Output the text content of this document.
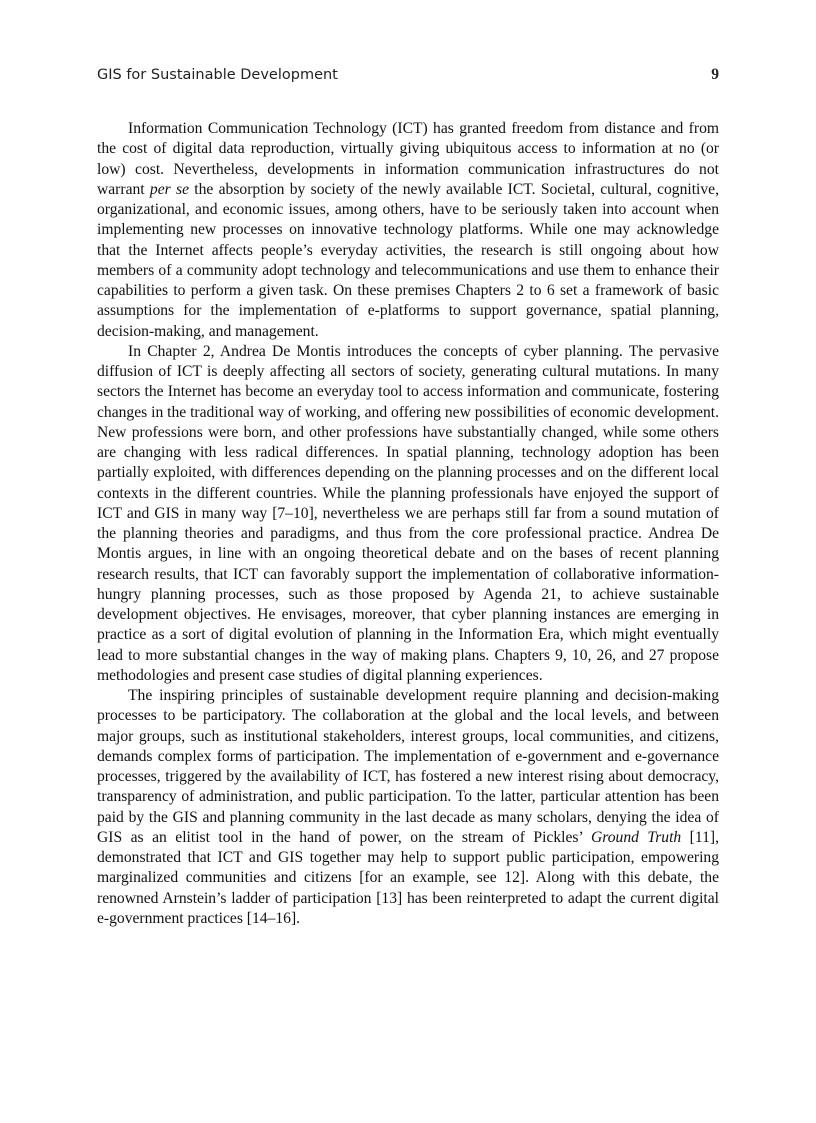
GIS for Sustainable Development	9

Information Communication Technology (ICT) has granted freedom from distance and from the cost of digital data reproduction, virtually giving ubiquitous access to information at no (or low) cost. Nevertheless, developments in information communication infrastructures do not warrant per se the absorption by society of the newly available ICT. Societal, cultural, cognitive, organizational, and economic issues, among others, have to be seriously taken into account when implementing new processes on innovative technology platforms. While one may acknowledge that the Internet affects people’s everyday activities, the research is still ongoing about how members of a community adopt technology and telecommunications and use them to enhance their capabilities to perform a given task. On these premises Chapters 2 to 6 set a framework of basic assumptions for the implementation of e-platforms to support governance, spatial planning, decision-making, and management.

In Chapter 2, Andrea De Montis introduces the concepts of cyber planning. The pervasive diffusion of ICT is deeply affecting all sectors of society, generating cultural mutations. In many sectors the Internet has become an everyday tool to access information and communicate, fostering changes in the traditional way of working, and offering new possibilities of economic development. New professions were born, and other professions have substantially changed, while some others are changing with less radical differences. In spatial planning, technology adoption has been partially exploited, with differences depending on the planning processes and on the different local contexts in the different countries. While the planning professionals have enjoyed the support of ICT and GIS in many way [7–10], nevertheless we are perhaps still far from a sound mutation of the planning theories and paradigms, and thus from the core professional practice. Andrea De Montis argues, in line with an ongoing theoretical debate and on the bases of recent planning research results, that ICT can favorably support the implementation of collaborative information-hungry planning processes, such as those proposed by Agenda 21, to achieve sustainable development objectives. He envisages, moreover, that cyber planning instances are emerging in practice as a sort of digital evolution of planning in the Information Era, which might eventually lead to more substantial changes in the way of making plans. Chapters 9, 10, 26, and 27 propose methodologies and present case studies of digital planning experiences.

The inspiring principles of sustainable development require planning and decision-making processes to be participatory. The collaboration at the global and the local levels, and between major groups, such as institutional stakeholders, interest groups, local communities, and citizens, demands complex forms of participation. The implementation of e-government and e-governance processes, triggered by the availability of ICT, has fostered a new interest rising about democracy, transparency of administration, and public participation. To the latter, particular attention has been paid by the GIS and planning community in the last decade as many scholars, denying the idea of GIS as an elitist tool in the hand of power, on the stream of Pickles’ Ground Truth [11], demonstrated that ICT and GIS together may help to support public participation, empowering marginalized communities and citizens [for an example, see 12]. Along with this debate, the renowned Arnstein’s ladder of participation [13] has been reinterpreted to adapt the current digital e-government practices [14–16].
